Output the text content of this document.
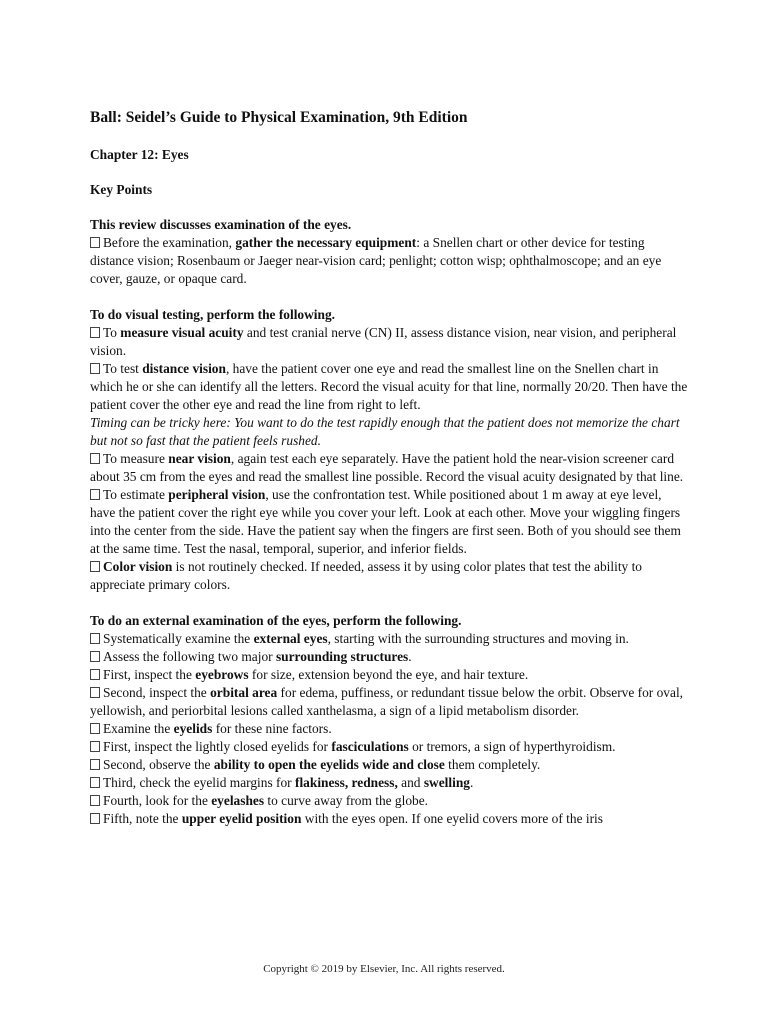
Ball: Seidel’s Guide to Physical Examination, 9th Edition
Chapter 12: Eyes
Key Points
This review discusses examination of the eyes.
Before the examination, gather the necessary equipment: a Snellen chart or other device for testing distance vision; Rosenbaum or Jaeger near-vision card; penlight; cotton wisp; ophthalmoscope; and an eye cover, gauze, or opaque card.
To do visual testing, perform the following.
To measure visual acuity and test cranial nerve (CN) II, assess distance vision, near vision, and peripheral vision.
To test distance vision, have the patient cover one eye and read the smallest line on the Snellen chart in which he or she can identify all the letters. Record the visual acuity for that line, normally 20/20. Then have the patient cover the other eye and read the line from right to left.
Timing can be tricky here: You want to do the test rapidly enough that the patient does not memorize the chart but not so fast that the patient feels rushed.
To measure near vision, again test each eye separately. Have the patient hold the near-vision screener card about 35 cm from the eyes and read the smallest line possible. Record the visual acuity designated by that line.
To estimate peripheral vision, use the confrontation test. While positioned about 1 m away at eye level, have the patient cover the right eye while you cover your left. Look at each other. Move your wiggling fingers into the center from the side. Have the patient say when the fingers are first seen. Both of you should see them at the same time. Test the nasal, temporal, superior, and inferior fields.
Color vision is not routinely checked. If needed, assess it by using color plates that test the ability to appreciate primary colors.
To do an external examination of the eyes, perform the following.
Systematically examine the external eyes, starting with the surrounding structures and moving in.
Assess the following two major surrounding structures.
First, inspect the eyebrows for size, extension beyond the eye, and hair texture.
Second, inspect the orbital area for edema, puffiness, or redundant tissue below the orbit. Observe for oval, yellowish, and periorbital lesions called xanthelasma, a sign of a lipid metabolism disorder.
Examine the eyelids for these nine factors.
First, inspect the lightly closed eyelids for fasciculations or tremors, a sign of hyperthyroidism.
Second, observe the ability to open the eyelids wide and close them completely.
Third, check the eyelid margins for flakiness, redness, and swelling.
Fourth, look for the eyelashes to curve away from the globe.
Fifth, note the upper eyelid position with the eyes open. If one eyelid covers more of the iris
Copyright © 2019 by Elsevier, Inc. All rights reserved.
